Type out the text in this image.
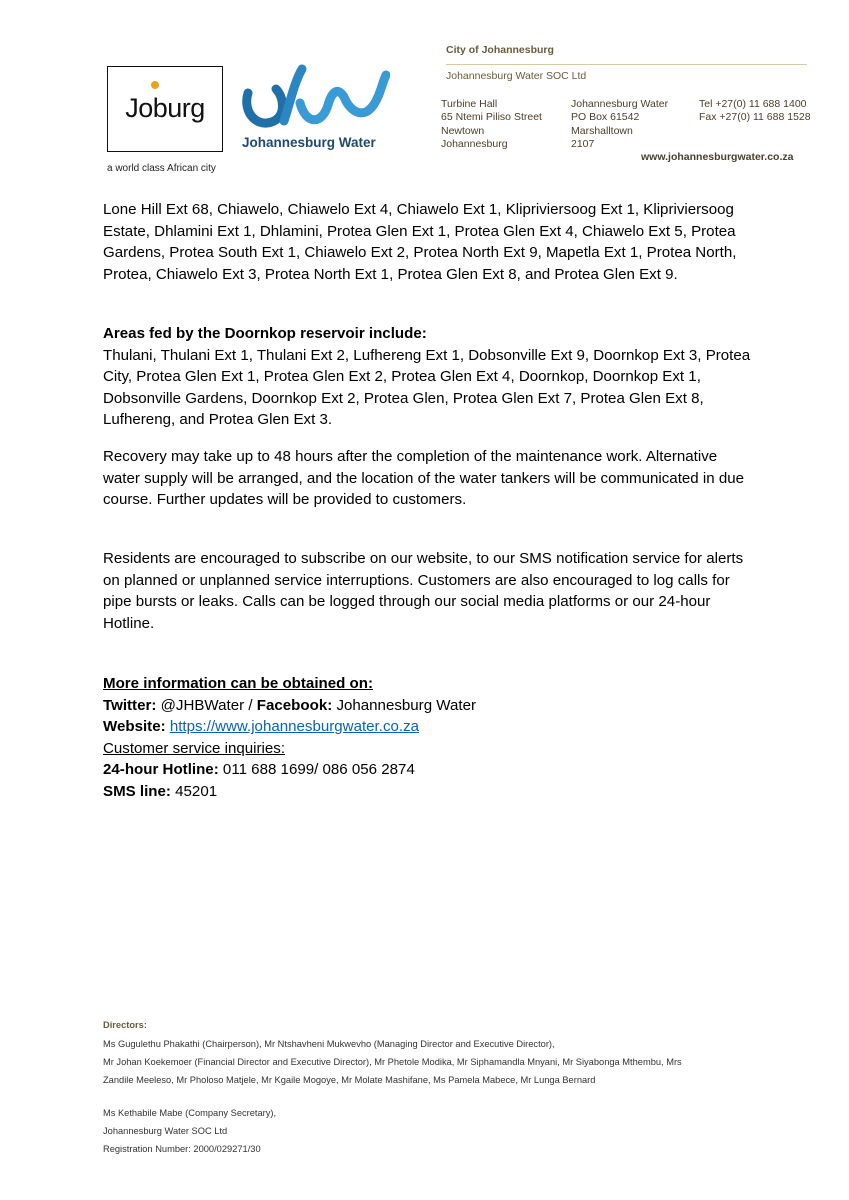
Joburg
a world class African city
Johannesburg Water
City of Johannesburg
Johannesburg Water SOC Ltd
Turbine Hall
65 Ntemi Piliso Street
Newtown
Johannesburg
Johannesburg Water
PO Box 61542
Marshalltown
2107
Tel +27(0) 11 688 1400
Fax +27(0) 11 688 1528
www.johannesburgwater.co.za
Lone Hill Ext 68, Chiawelo, Chiawelo Ext 4, Chiawelo Ext 1, Klipriviersoog Ext 1, Klipriviersoog Estate, Dhlamini Ext 1, Dhlamini, Protea Glen Ext 1, Protea Glen Ext 4, Chiawelo Ext 5, Protea Gardens, Protea South Ext 1, Chiawelo Ext 2, Protea North Ext 9, Mapetla Ext 1, Protea North, Protea, Chiawelo Ext 3, Protea North Ext 1, Protea Glen Ext 8, and Protea Glen Ext 9.
Areas fed by the Doornkop reservoir include:
Thulani, Thulani Ext 1, Thulani Ext 2, Lufhereng Ext 1, Dobsonville Ext 9, Doornkop Ext 3, Protea City, Protea Glen Ext 1, Protea Glen Ext 2, Protea Glen Ext 4, Doornkop, Doornkop Ext 1, Dobsonville Gardens, Doornkop Ext 2, Protea Glen, Protea Glen Ext 7, Protea Glen Ext 8, Lufhereng, and Protea Glen Ext 3.
Recovery may take up to 48 hours after the completion of the maintenance work. Alternative water supply will be arranged, and the location of the water tankers will be communicated in due course. Further updates will be provided to customers.
Residents are encouraged to subscribe on our website, to our SMS notification service for alerts on planned or unplanned service interruptions. Customers are also encouraged to log calls for pipe bursts or leaks. Calls can be logged through our social media platforms or our 24-hour Hotline.
More information can be obtained on:
Twitter: @JHBWater / Facebook: Johannesburg Water
Website: https://www.johannesburgwater.co.za
Customer service inquiries:
24-hour Hotline: 011 688 1699/ 086 056 2874
SMS line: 45201
Directors:
Ms Gugulethu Phakathi (Chairperson), Mr Ntshavheni Mukwevho (Managing Director and Executive Director),
Mr Johan Koekemoer (Financial Director and Executive Director), Mr Phetole Modika, Mr Siphamandla Mnyani, Mr Siyabonga Mthembu, Mrs
Zandile Meeleso, Mr Pholoso Matjele, Mr Kgaile Mogoye, Mr Molate Mashifane, Ms Pamela Mabece, Mr Lunga Bernard
Ms Kethabile Mabe (Company Secretary),
Johannesburg Water SOC Ltd
Registration Number: 2000/029271/30
